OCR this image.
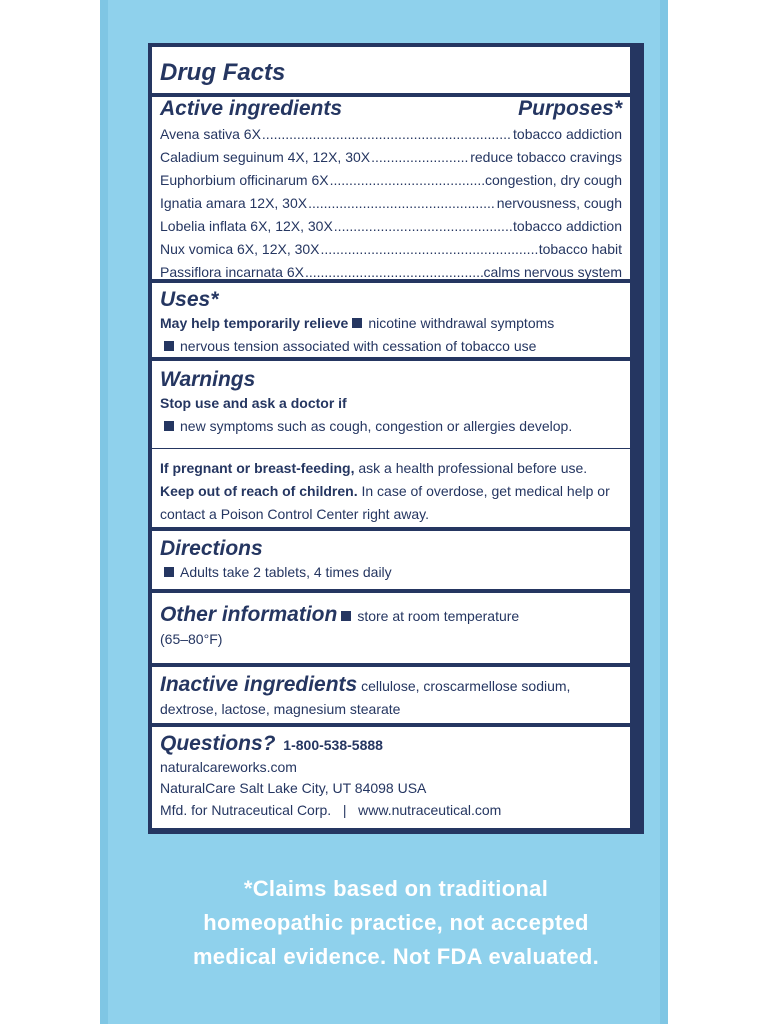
Drug Facts
Active ingredients	Purposes*
Avena sativa 6X .....	tobacco addiction
Caladium seguinum 4X, 12X, 30X .....	reduce tobacco cravings
Euphorbium officinarum 6X .....	congestion, dry cough
Ignatia amara 12X, 30X .....	nervousness, cough
Lobelia inflata 6X, 12X, 30X .....	tobacco addiction
Nux vomica 6X, 12X, 30X .....	tobacco habit
Passiflora incarnata 6X .....	calms nervous system
Uses*
May help temporarily relieve nicotine withdrawal symptoms
nervous tension associated with cessation of tobacco use
Warnings
Stop use and ask a doctor if
new symptoms such as cough, congestion or allergies develop.
If pregnant or breast-feeding, ask a health professional before use.
Keep out of reach of children. In case of overdose, get medical help or contact a Poison Control Center right away.
Directions
Adults take 2 tablets, 4 times daily
Other information store at room temperature
(65–80°F)
Inactive ingredients cellulose, croscarmellose sodium,
dextrose, lactose, magnesium stearate
Questions? 1-800-538-5888
naturalcareworks.com
NaturalCare Salt Lake City, UT 84098 USA
Mfd. for Nutraceutical Corp. | www.nutraceutical.com
*Claims based on traditional
homeopathic practice, not accepted
medical evidence. Not FDA evaluated.
